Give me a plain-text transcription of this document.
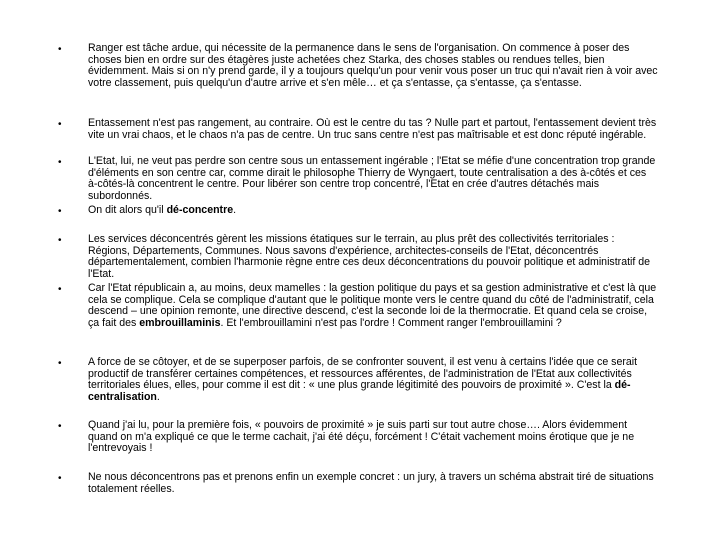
•	Ranger est tâche ardue, qui nécessite de la permanence dans le sens de l'organisation. On commence à poser des choses bien en ordre sur des étagères juste achetées chez Starka, des choses stables ou rendues telles, bien évidemment. Mais si on n'y prend garde, il y a toujours quelqu'un pour venir vous poser un truc qui n'avait rien à voir avec votre classement, puis quelqu'un d'autre arrive et s'en mêle… et ça s'entasse, ça s'entasse, ça s'entasse.
•	Entassement n'est pas rangement, au contraire. Où est le centre du tas ? Nulle part et partout, l'entassement devient très vite un vrai chaos, et le chaos n'a pas de centre. Un truc sans centre n'est pas maîtrisable et est donc réputé ingérable.
•	L'Etat, lui, ne veut pas perdre son centre sous un entassement ingérable ; l'Etat se méfie d'une concentration trop grande d'éléments en son centre car, comme dirait le philosophe Thierry de Wyngaert, toute centralisation a des à-côtés et ces à-côtés-là concentrent le centre. Pour libérer son centre trop concentré, l'Etat en crée d'autres détachés mais subordonnés.
•	On dit alors qu'il dé-concentre.
•	Les services déconcentrés gèrent les missions étatiques sur le terrain, au plus prêt des collectivités territoriales : Régions, Départements, Communes. Nous savons d'expérience, architectes-conseils de l'Etat, déconcentrés départementalement, combien l'harmonie règne entre ces deux déconcentrations du pouvoir politique et administratif de l'Etat.
•	Car l'Etat républicain a, au moins, deux mamelles : la gestion politique du pays et sa gestion administrative et c'est là que cela se complique. Cela se complique d'autant que le politique monte vers le centre quand du côté de l'administratif, cela descend – une opinion remonte, une directive descend, c'est la seconde loi de la thermocratie. Et quand cela se croise, ça fait des embrouillaminis. Et l'embrouillamini n'est pas l'ordre ! Comment ranger l'embrouillamini ?
•	A force de se côtoyer, et de se superposer parfois, de se confronter souvent, il est venu à certains l'idée que ce serait productif de transférer certaines compétences, et ressources afférentes, de l'administration de l'Etat aux collectivités territoriales élues, elles, pour comme il est dit : « une plus grande légitimité des pouvoirs de proximité ». C'est la dé-centralisation.
•	Quand j'ai lu, pour la première fois, « pouvoirs de proximité » je suis parti sur tout autre chose…. Alors évidemment quand on m'a expliqué ce que le terme cachait, j'ai été déçu, forcément ! C'était vachement moins érotique que je ne l'entrevoyais !
•	Ne nous déconcentrons pas et prenons enfin un exemple concret : un jury, à travers un schéma abstrait tiré de situations totalement réelles.
